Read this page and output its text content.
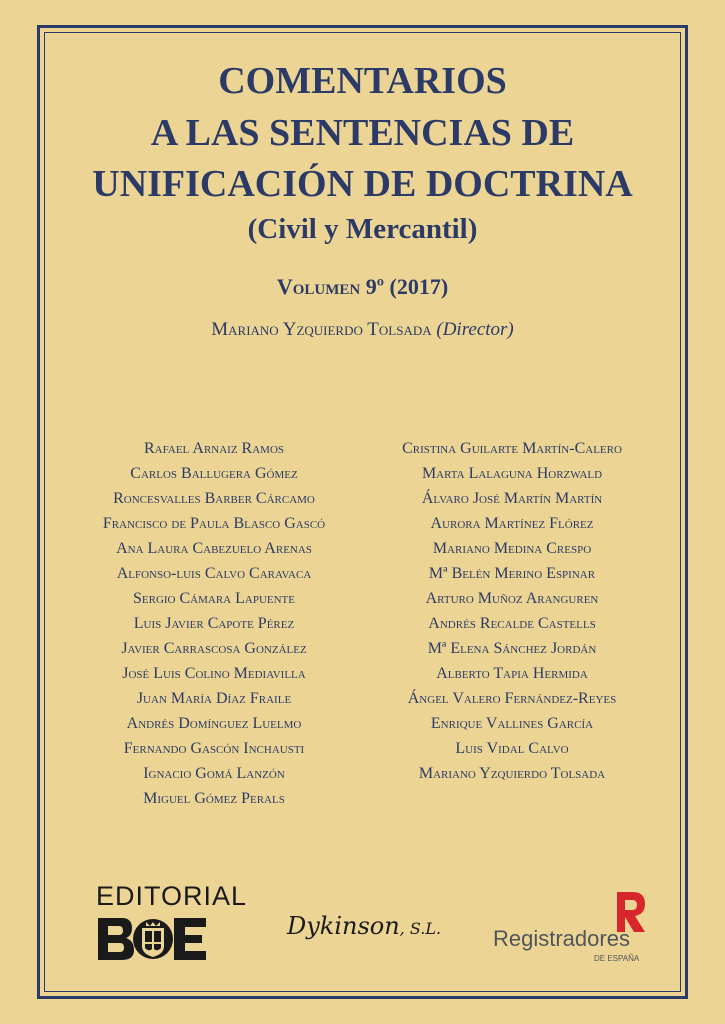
COMENTARIOS
A LAS SENTENCIAS DE
UNIFICACIÓN DE DOCTRINA
(Civil y Mercantil)
Volumen 9º (2017)
Mariano Yzquierdo Tolsada (Director)
Rafael Arnaiz Ramos
Carlos Ballugera Gómez
Roncesvalles Barber Cárcamo
Francisco de Paula Blasco Gascó
Ana Laura Cabezuelo Arenas
Alfonso-luis Calvo Caravaca
Sergio Cámara Lapuente
Luis Javier Capote Pérez
Javier Carrascosa González
José Luis Colino Mediavilla
Juan María Díaz Fraile
Andrés Domínguez Luelmo
Fernando Gascón Inchausti
Ignacio Gomá Lanzón
Miguel Gómez Perals
Cristina Guilarte Martín-Calero
Marta Lalaguna Horzwald
Álvaro José Martín Martín
Aurora Martínez Flórez
Mariano Medina Crespo
Mª Belén Merino Espinar
Arturo Muñoz Aranguren
Andrés Recalde Castells
Mª Elena Sánchez Jordán
Alberto Tapia Hermida
Ángel Valero Fernández-Reyes
Enrique Vallines García
Luis Vidal Calvo
Mariano Yzquierdo Tolsada
EDITORIAL
Dykinson, S.L. Registradores
DE ESPAÑA
